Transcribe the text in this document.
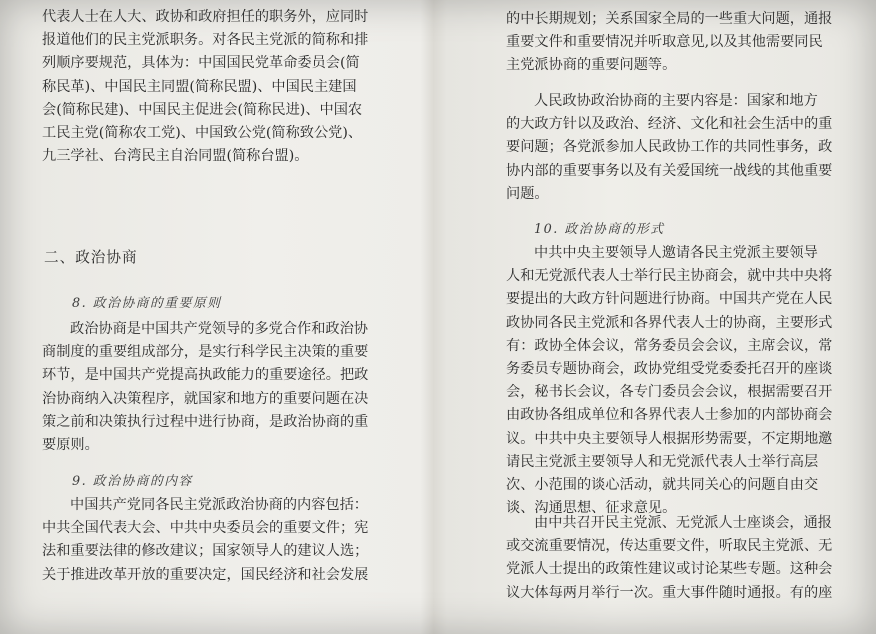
代表人士在人大、政协和政府担任的职务外，应同时
报道他们的民主党派职务。对各民主党派的简称和排
列顺序要规范，具体为：中国国民党革命委员会(简
称民革)、中国民主同盟(简称民盟)、中国民主建国
会(简称民建)、中国民主促进会(简称民进)、中国农
工民主党(简称农工党)、中国致公党(简称致公党)、
九三学社、台湾民主自治同盟(简称台盟)。
二、政治协商
8. 政治协商的重要原则
政治协商是中国共产党领导的多党合作和政治协
商制度的重要组成部分，是实行科学民主决策的重要
环节，是中国共产党提高执政能力的重要途径。把政
治协商纳入决策程序，就国家和地方的重要问题在决
策之前和决策执行过程中进行协商，是政治协商的重
要原则。
9. 政治协商的内容
中国共产党同各民主党派政治协商的内容包括：
中共全国代表大会、中共中央委员会的重要文件；宪
法和重要法律的修改建议；国家领导人的建议人选；
关于推进改革开放的重要决定，国民经济和社会发展
的中长期规划；关系国家全局的一些重大问题，通报
重要文件和重要情况并听取意见,以及其他需要同民
主党派协商的重要问题等。
人民政协政治协商的主要内容是：国家和地方
的大政方针以及政治、经济、文化和社会生活中的重
要问题；各党派参加人民政协工作的共同性事务，政
协内部的重要事务以及有关爱国统一战线的其他重要
问题。
10. 政治协商的形式
中共中央主要领导人邀请各民主党派主要领导
人和无党派代表人士举行民主协商会，就中共中央将
要提出的大政方针问题进行协商。中国共产党在人民
政协同各民主党派和各界代表人士的协商，主要形式
有：政协全体会议，常务委员会会议，主席会议，常
务委员专题协商会，政协党组受党委委托召开的座谈
会，秘书长会议，各专门委员会会议，根据需要召开
由政协各组成单位和各界代表人士参加的内部协商会
议。中共中央主要领导人根据形势需要，不定期地邀
请民主党派主要领导人和无党派代表人士举行高层
次、小范围的谈心活动，就共同关心的问题自由交
谈、沟通思想、征求意见。
由中共召开民主党派、无党派人士座谈会，通报
或交流重要情况，传达重要文件，听取民主党派、无
党派人士提出的政策性建议或讨论某些专题。这种会
议大体每两月举行一次。重大事件随时通报。有的座
